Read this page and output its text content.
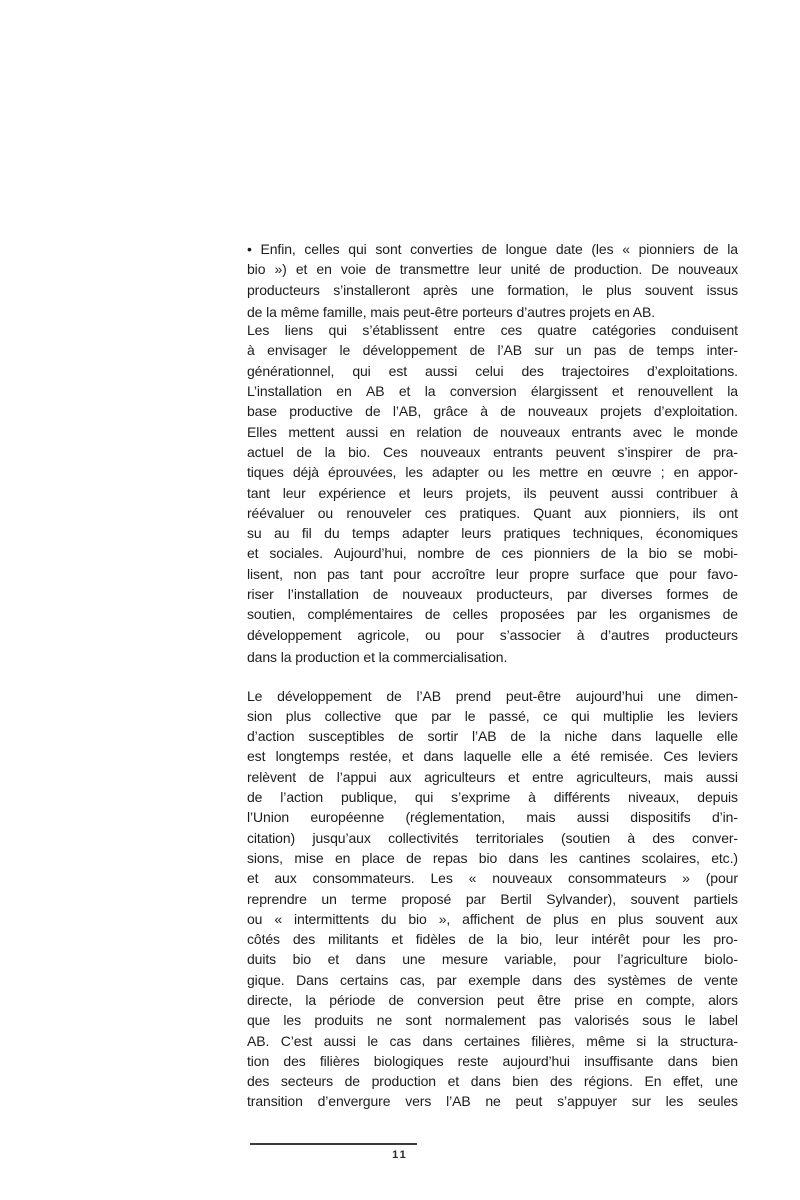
• Enfin, celles qui sont converties de longue date (les « pionniers de la
bio ») et en voie de transmettre leur unité de production. De nouveaux
producteurs s’installeront après une formation, le plus souvent issus
de la même famille, mais peut-être porteurs d’autres projets en AB.
Les liens qui s’établissent entre ces quatre catégories conduisent
à envisager le développement de l’AB sur un pas de temps inter-
générationnel, qui est aussi celui des trajectoires d’exploitations.
L’installation en AB et la conversion élargissent et renouvellent la
base productive de l’AB, grâce à de nouveaux projets d’exploitation.
Elles mettent aussi en relation de nouveaux entrants avec le monde
actuel de la bio. Ces nouveaux entrants peuvent s’inspirer de pra-
tiques déjà éprouvées, les adapter ou les mettre en œuvre ; en appor-
tant leur expérience et leurs projets, ils peuvent aussi contribuer à
réévaluer ou renouveler ces pratiques. Quant aux pionniers, ils ont
su au fil du temps adapter leurs pratiques techniques, économiques
et sociales. Aujourd’hui, nombre de ces pionniers de la bio se mobi-
lisent, non pas tant pour accroître leur propre surface que pour favo-
riser l’installation de nouveaux producteurs, par diverses formes de
soutien, complémentaires de celles proposées par les organismes de
développement agricole, ou pour s’associer à d’autres producteurs
dans la production et la commercialisation.
Le développement de l’AB prend peut-être aujourd’hui une dimen-
sion plus collective que par le passé, ce qui multiplie les leviers
d’action susceptibles de sortir l’AB de la niche dans laquelle elle
est longtemps restée, et dans laquelle elle a été remisée. Ces leviers
relèvent de l’appui aux agriculteurs et entre agriculteurs, mais aussi
de l’action publique, qui s’exprime à différents niveaux, depuis
l’Union européenne (réglementation, mais aussi dispositifs d’in-
citation) jusqu’aux collectivités territoriales (soutien à des conver-
sions, mise en place de repas bio dans les cantines scolaires, etc.)
et aux consommateurs. Les « nouveaux consommateurs » (pour
reprendre un terme proposé par Bertil Sylvander), souvent partiels
ou « intermittents du bio », affichent de plus en plus souvent aux
côtés des militants et fidèles de la bio, leur intérêt pour les pro-
duits bio et dans une mesure variable, pour l’agriculture biolo-
gique. Dans certains cas, par exemple dans des systèmes de vente
directe, la période de conversion peut être prise en compte, alors
que les produits ne sont normalement pas valorisés sous le label
AB. C’est aussi le cas dans certaines filières, même si la structura-
tion des filières biologiques reste aujourd’hui insuffisante dans bien
des secteurs de production et dans bien des régions. En effet, une
transition d’envergure vers l’AB ne peut s’appuyer sur les seules
11
